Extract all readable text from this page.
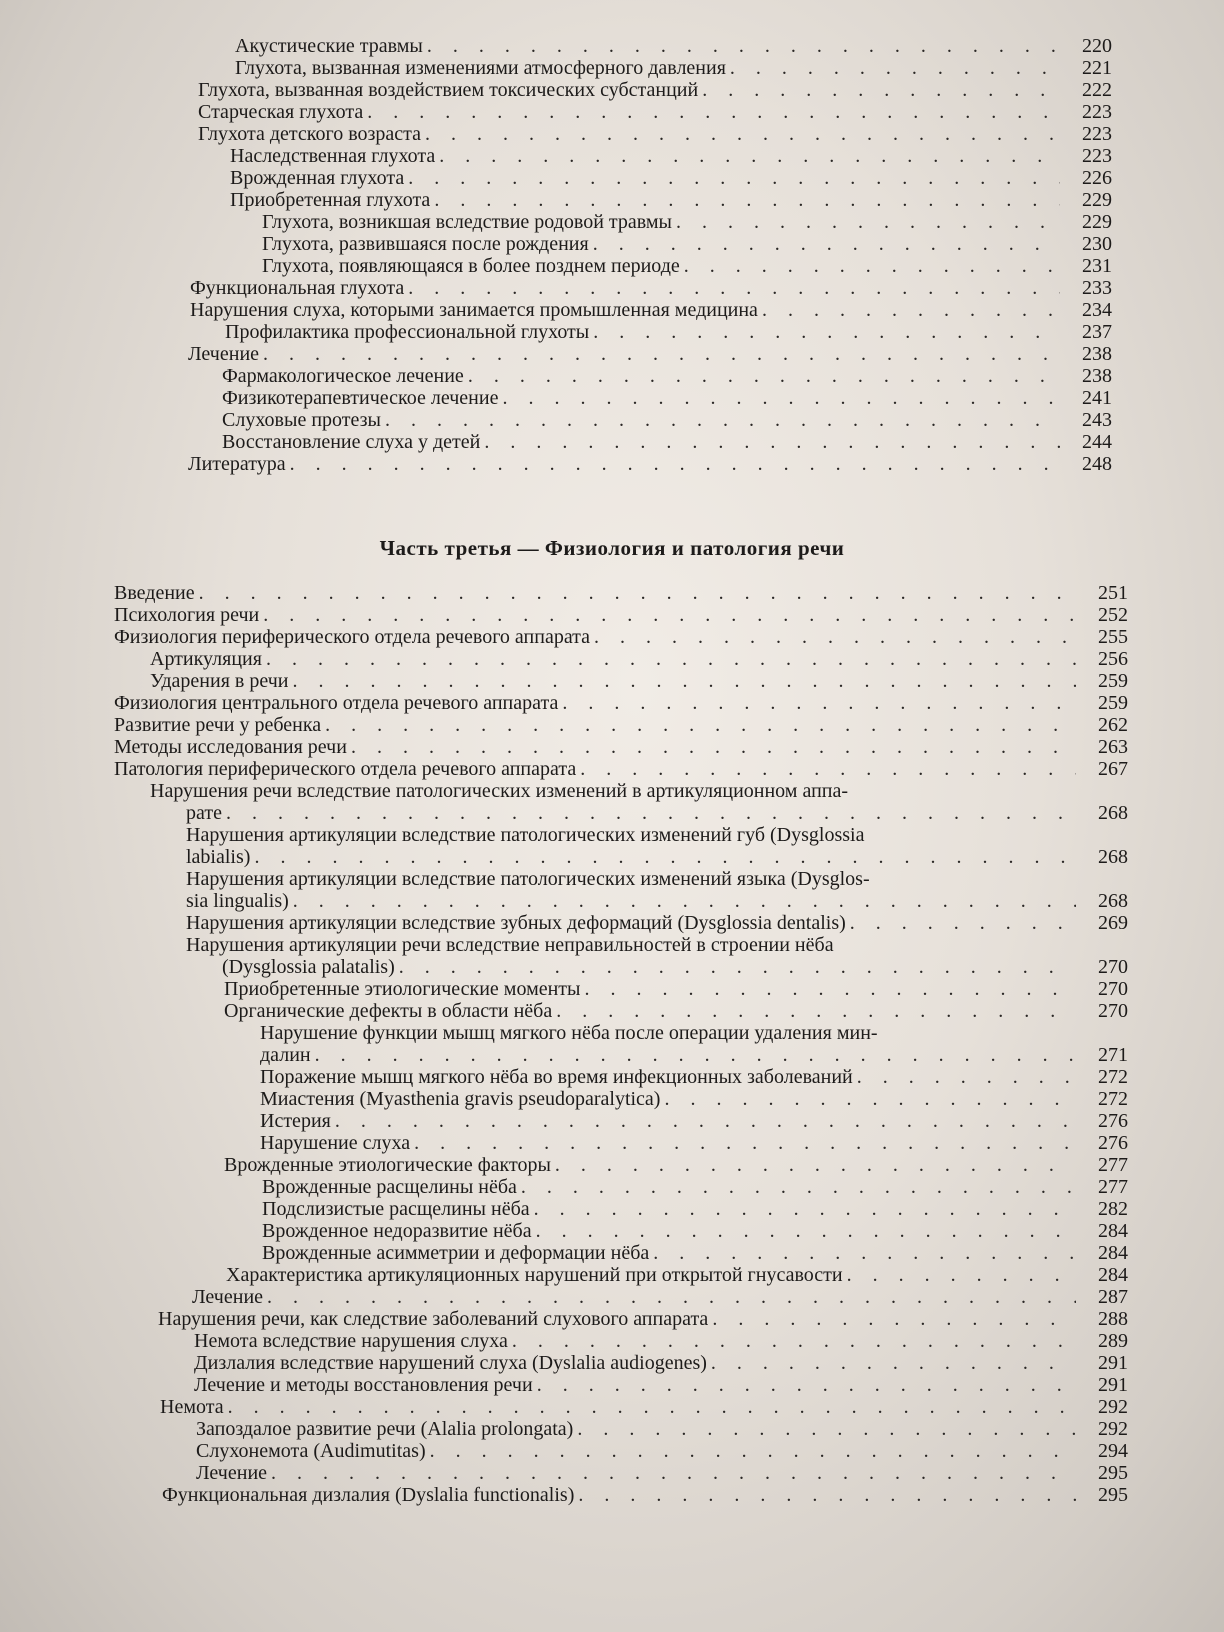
Акустические травмы . . .	220
Глухота, вызванная изменениями атмосферного давления . . .	221
Глухота, вызванная воздействием токсических субстанций . . .	222
Старческая глухота . . .	223
Глухота детского возраста . . .	223
Наследственная глухота . . .	223
Врожденная глухота . . .	226
Приобретенная глухота . . .	229
Глухота, возникшая вследствие родовой травмы . . .	229
Глухота, развившаяся после рождения . . .	230
Глухота, появляющаяся в более позднем периоде . . .	231
Функциональная глухота . . .	233
Нарушения слуха, которыми занимается промышленная медицина . . .	234
Профилактика профессиональной глухоты . . .	237
Лечение . . .	238
Фармакологическое лечение . . .	238
Физикотерапевтическое лечение . . .	241
Слуховые протезы . . .	243
Восстановление слуха у детей . . .	244
Литература . . .	248
Часть третья — Физиология и патология речи
Введение . . .	251
Психология речи . . .	252
Физиология периферического отдела речевого аппарата . . .	255
Артикуляция . . .	256
Ударения в речи . . .	259
Физиология центрального отдела речевого аппарата . . .	259
Развитие речи у ребенка . . .	262
Методы исследования речи . . .	263
Патология периферического отдела речевого аппарата . . .	267
Нарушения речи вследствие патологических изменений в артикуляционном аппа-
рате . . .	268
Нарушения артикуляции вследствие патологических изменений губ (Dysglossia
labialis) . . .	268
Нарушения артикуляции вследствие патологических изменений языка (Dysglos-
sia lingualis) . . .	268
Нарушения артикуляции вследствие зубных деформаций (Dysglossia dentalis) . . .	269
Нарушения артикуляции речи вследствие неправильностей в строении нёба
(Dysglossia palatalis) . . .	270
Приобретенные этиологические моменты . . .	270
Органические дефекты в области нёба . . .	270
Нарушение функции мышц мягкого нёба после операции удаления мин-
далин . . .	271
Поражение мышц мягкого нёба во время инфекционных заболеваний . . .	272
Миастения (Myasthenia gravis pseudoparalytica) . . .	272
Истерия . . .	276
Нарушение слуха . . .	276
Врожденные этиологические факторы . . .	277
Врожденные расщелины нёба . . .	277
Подслизистые расщелины нёба . . .	282
Врожденное недоразвитие нёба . . .	284
Врожденные асимметрии и деформации нёба . . .	284
Характеристика артикуляционных нарушений при открытой гнусавости . . .	284
Лечение . . .	287
Нарушения речи, как следствие заболеваний слухового аппарата . . .	288
Немота вследствие нарушения слуха . . .	289
Дизлалия вследствие нарушений слуха (Dyslalia audiogenes) . . .	291
Лечение и методы восстановления речи . . .	291
Немота . . .	292
Запоздалое развитие речи (Alalia prolongata) . . .	292
Слухонемота (Audimutitas) . . .	294
Лечение . . .	295
Функциональная дизлалия (Dyslalia functionalis) . . .	295
